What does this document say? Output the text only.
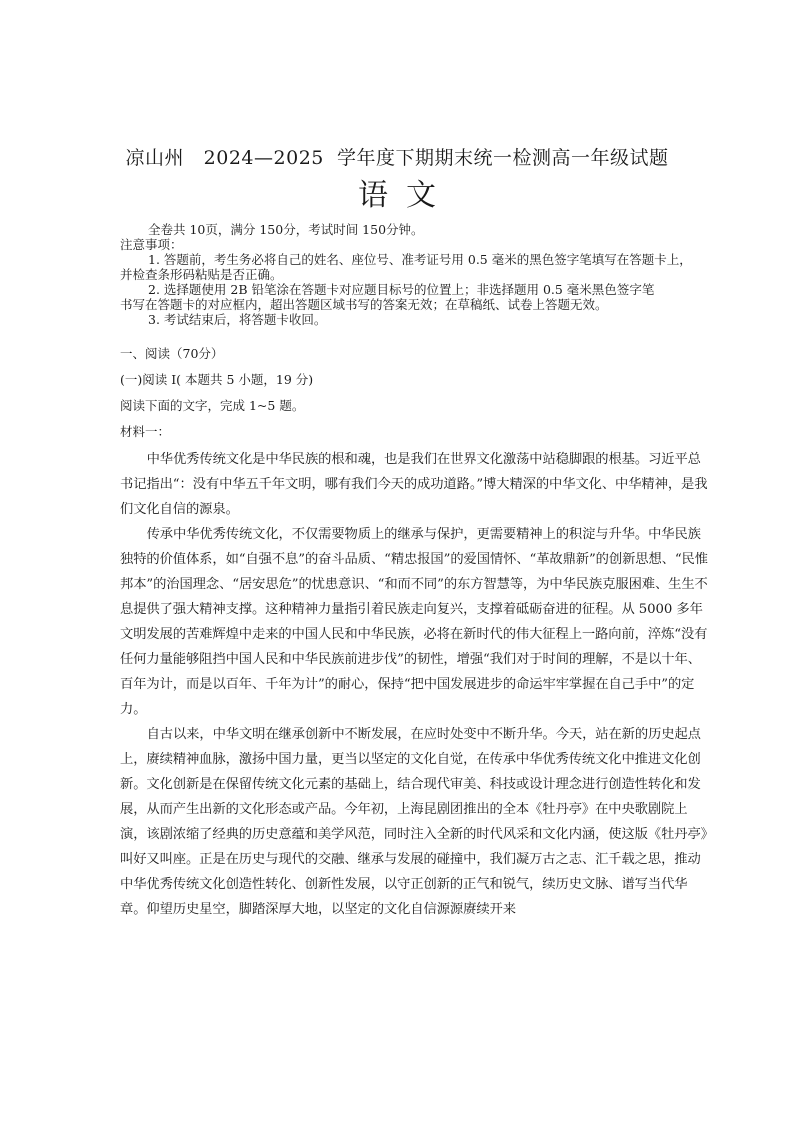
凉山州   2024—2025  学年度下期期末统一检测高一年级试题
语文
全卷共 10页，满分 150分，考试时间 150分钟。
注意事项：
1. 答题前，考生务必将自己的姓名、座位号、准考证号用 0.5 毫米的黑色签字笔填写在答题卡上，
并检查条形码粘贴是否正确。
2. 选择题使用 2B 铅笔涂在答题卡对应题目标号的位置上；非选择题用 0.5 毫米黑色签字笔
书写在答题卡的对应框内，超出答题区域书写的答案无效；在草稿纸、试卷上答题无效。
3. 考试结束后，将答题卡收回。
一、阅读（70分）
(一)阅读 I( 本题共 5 小题，19 分)
阅读下面的文字，完成 1~5 题。
材料一：

中华优秀传统文化是中华民族的根和魂，也是我们在世界文化激荡中站稳脚跟的根基。习近平总书记指出“：没有中华五千年文明，哪有我们今天的成功道路。”博大精深的中华文化、中华精神，是我们文化自信的源泉。

传承中华优秀传统文化，不仅需要物质上的继承与保护，更需要精神上的积淀与升华。中华民族独特的价值体系，如“自强不息”的奋斗品质、“精忠报国”的爱国情怀、“革故鼎新”的创新思想、“民惟邦本”的治国理念、“居安思危”的忧患意识、“和而不同”的东方智慧等，为中华民族克服困难、生生不息提供了强大精神支撑。这种精神力量指引着民族走向复兴，支撑着砥砺奋进的征程。从 5000 多年文明发展的苦难辉煌中走来的中国人民和中华民族，必将在新时代的伟大征程上一路向前，淬炼“没有任何力量能够阻挡中国人民和中华民族前进步伐”的韧性，增强“我们对于时间的理解，不是以十年、百年为计，而是以百年、千年为计”的耐心，保持“把中国发展进步的命运牢牢掌握在自己手中”的定力。

自古以来，中华文明在继承创新中不断发展，在应时处变中不断升华。今天，站在新的历史起点上，赓续精神血脉，激扬中国力量，更当以坚定的文化自觉，在传承中华优秀传统文化中推进文化创新。文化创新是在保留传统文化元素的基础上，结合现代审美、科技或设计理念进行创造性转化和发展，从而产生出新的文化形态或产品。今年初，上海昆剧团推出的全本《牡丹亭》在中央歌剧院上演，该剧浓缩了经典的历史意蕴和美学风范，同时注入全新的时代风采和文化内涵，使这版《牡丹亭》叫好又叫座。正是在历史与现代的交融、继承与发展的碰撞中，我们凝万古之志、汇千载之思，推动中华优秀传统文化创造性转化、创新性发展，以守正创新的正气和锐气，续历史文脉、谱写当代华章。仰望历史星空，脚踏深厚大地，以坚定的文化自信源源赓续开来
